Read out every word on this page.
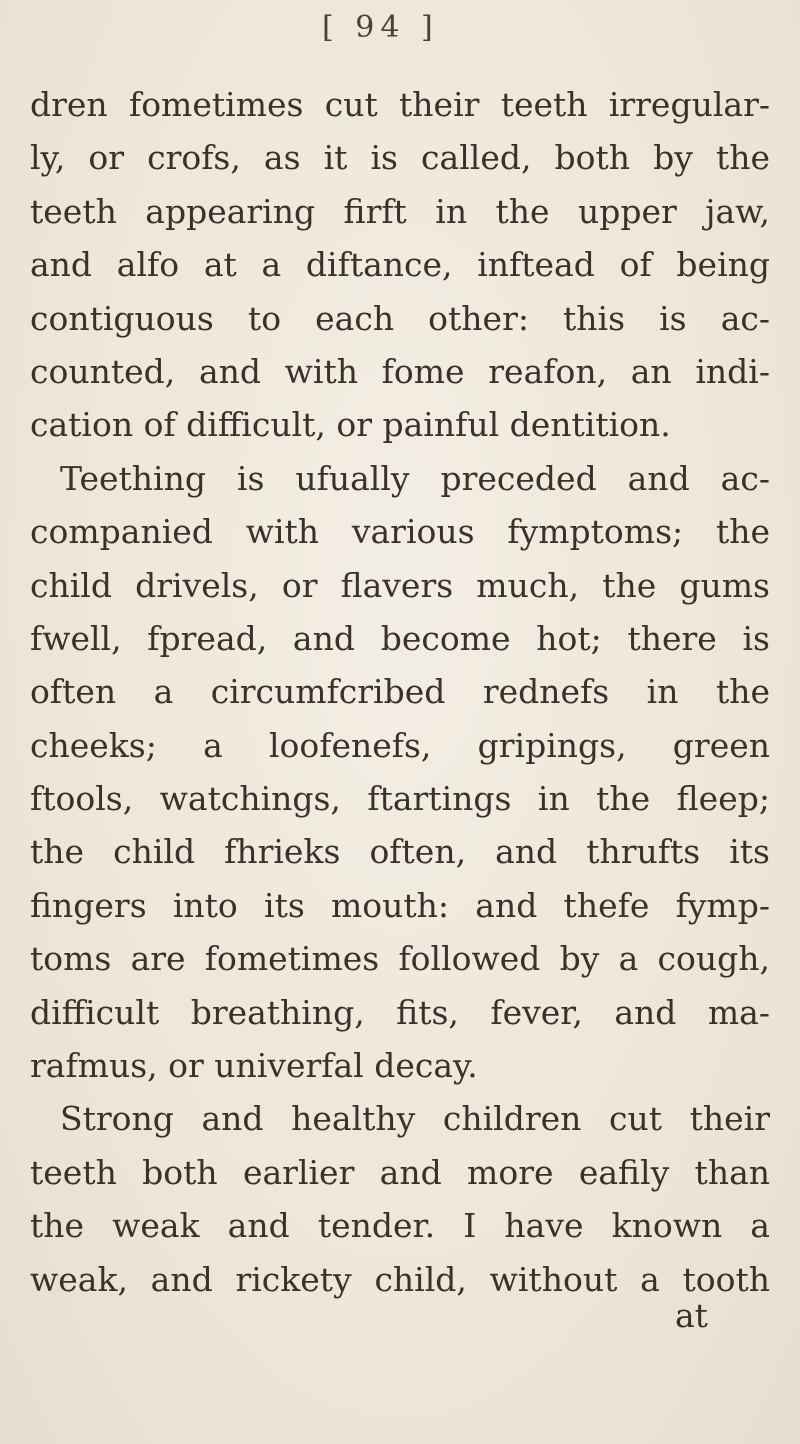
[ 94 ]
dren fometimes cut their teeth irregular-
ly, or crofs, as it is called, both by the
teeth appearing firft in the upper jaw,
and alfo at a diftance, inftead of being
contiguous to each other: this is ac-
counted, and with fome reafon, an indi-
cation of difficult, or painful dentition.
Teething is ufually preceded and ac-
companied with various fymptoms; the
child drivels, or flavers much, the gums
fwell, fpread, and become hot; there is
often a circumfcribed rednefs in the
cheeks; a loofenefs, gripings, green
ftools, watchings, ftartings in the fleep;
the child fhrieks often, and thrufts its
fingers into its mouth: and thefe fymp-
toms are fometimes followed by a cough,
difficult breathing, fits, fever, and ma-
rafmus, or univerfal decay.
Strong and healthy children cut their
teeth both earlier and more eafily than
the weak and tender. I have known a
weak, and rickety child, without a tooth
at
